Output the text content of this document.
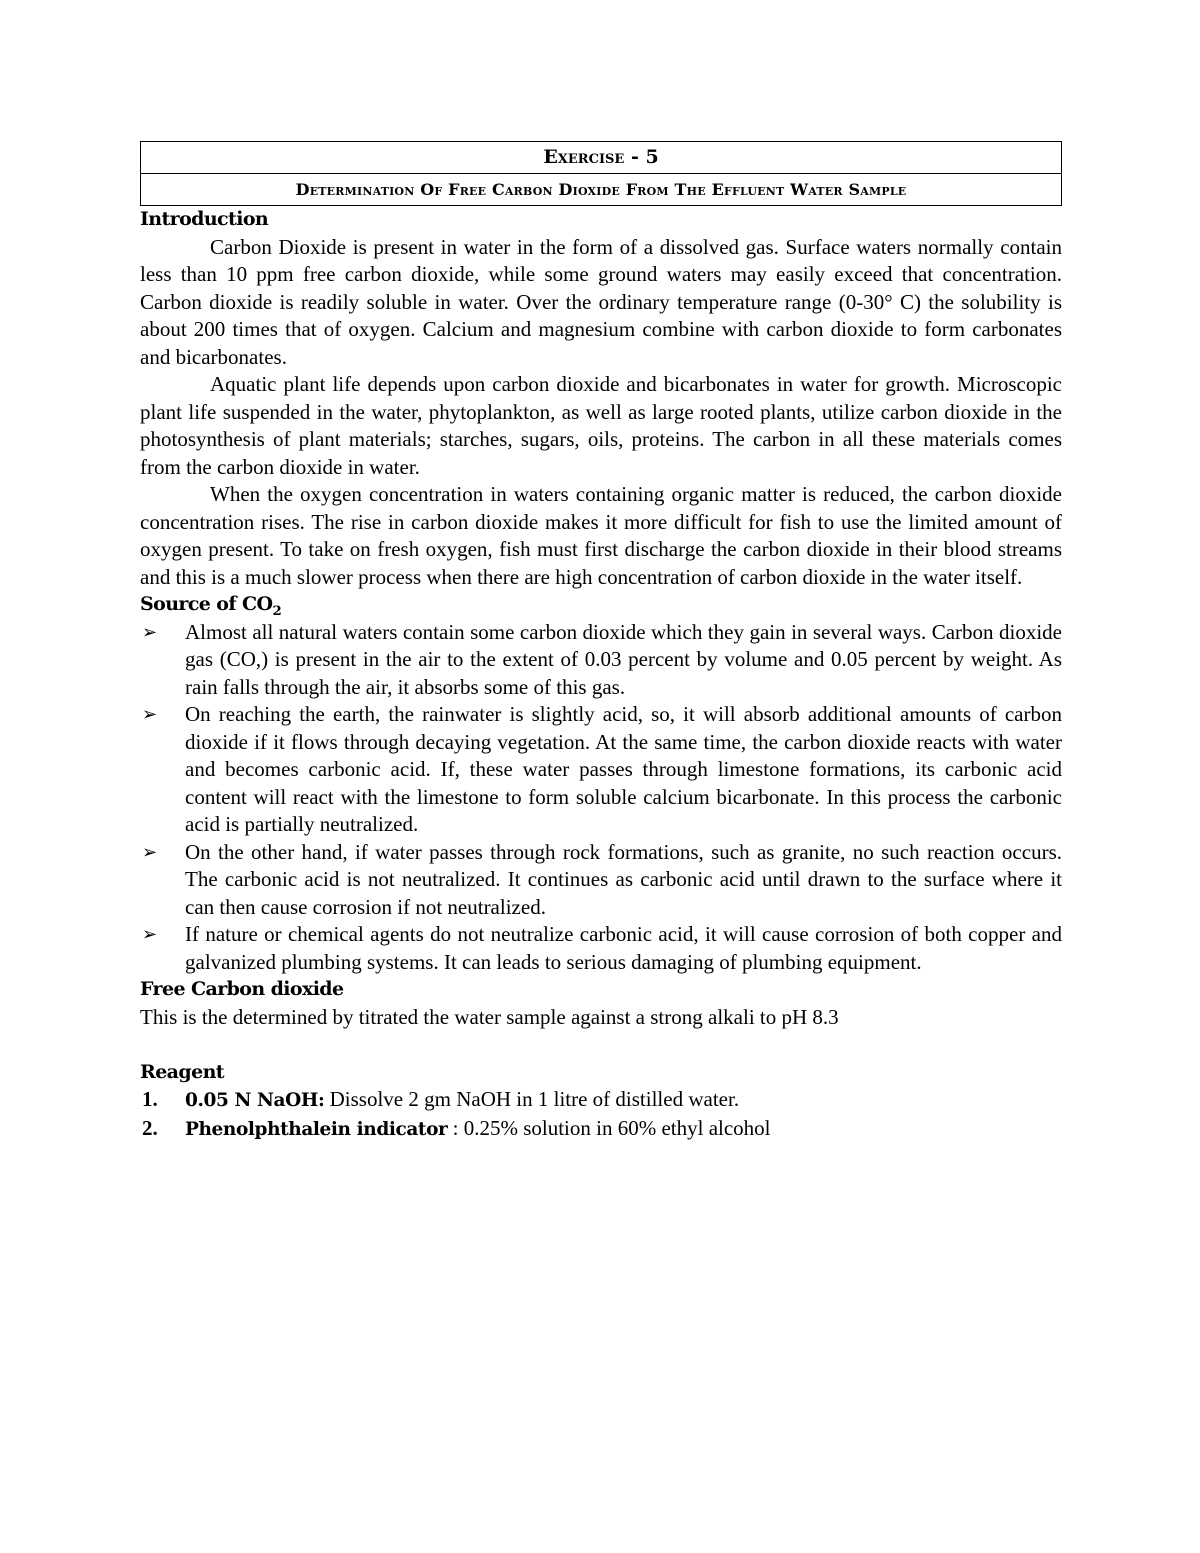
Exercise - 5
Determination Of Free Carbon Dioxide From The Effluent Water Sample
Introduction

Carbon Dioxide is present in water in the form of a dissolved gas. Surface waters normally contain less than 10 ppm free carbon dioxide, while some ground waters may easily exceed that concentration. Carbon dioxide is readily soluble in water. Over the ordinary temperature range (0-30° C) the solubility is about 200 times that of oxygen. Calcium and magnesium combine with carbon dioxide to form carbonates and bicarbonates.

Aquatic plant life depends upon carbon dioxide and bicarbonates in water for growth. Microscopic plant life suspended in the water, phytoplankton, as well as large rooted plants, utilize carbon dioxide in the photosynthesis of plant materials; starches, sugars, oils, proteins. The carbon in all these materials comes from the carbon dioxide in water.

When the oxygen concentration in waters containing organic matter is reduced, the carbon dioxide concentration rises. The rise in carbon dioxide makes it more difficult for fish to use the limited amount of oxygen present. To take on fresh oxygen, fish must first discharge the carbon dioxide in their blood streams and this is a much slower process when there are high concentration of carbon dioxide in the water itself.

Source of $CO_2$
➢ Almost all natural waters contain some carbon dioxide which they gain in several ways. Carbon dioxide gas (CO,) is present in the air to the extent of 0.03 percent by volume and 0.05 percent by weight. As rain falls through the air, it absorbs some of this gas.
➢ On reaching the earth, the rainwater is slightly acid, so, it will absorb additional amounts of carbon dioxide if it flows through decaying vegetation. At the same time, the carbon dioxide reacts with water and becomes carbonic acid. If, these water passes through limestone formations, its carbonic acid content will react with the limestone to form soluble calcium bicarbonate. In this process the carbonic acid is partially neutralized.
➢ On the other hand, if water passes through rock formations, such as granite, no such reaction occurs. The carbonic acid is not neutralized. It continues as carbonic acid until drawn to the surface where it can then cause corrosion if not neutralized.
➢ If nature or chemical agents do not neutralize carbonic acid, it will cause corrosion of both copper and galvanized plumbing systems. It can leads to serious damaging of plumbing equipment.
Free Carbon dioxide

This is the determined by titrated the water sample against a strong alkali to pH 8.3

Reagent
1. 0.05 N NaOH: Dissolve 2 gm NaOH in 1 litre of distilled water.
2. Phenolphthalein indicator : 0.25% solution in 60% ethyl alcohol
